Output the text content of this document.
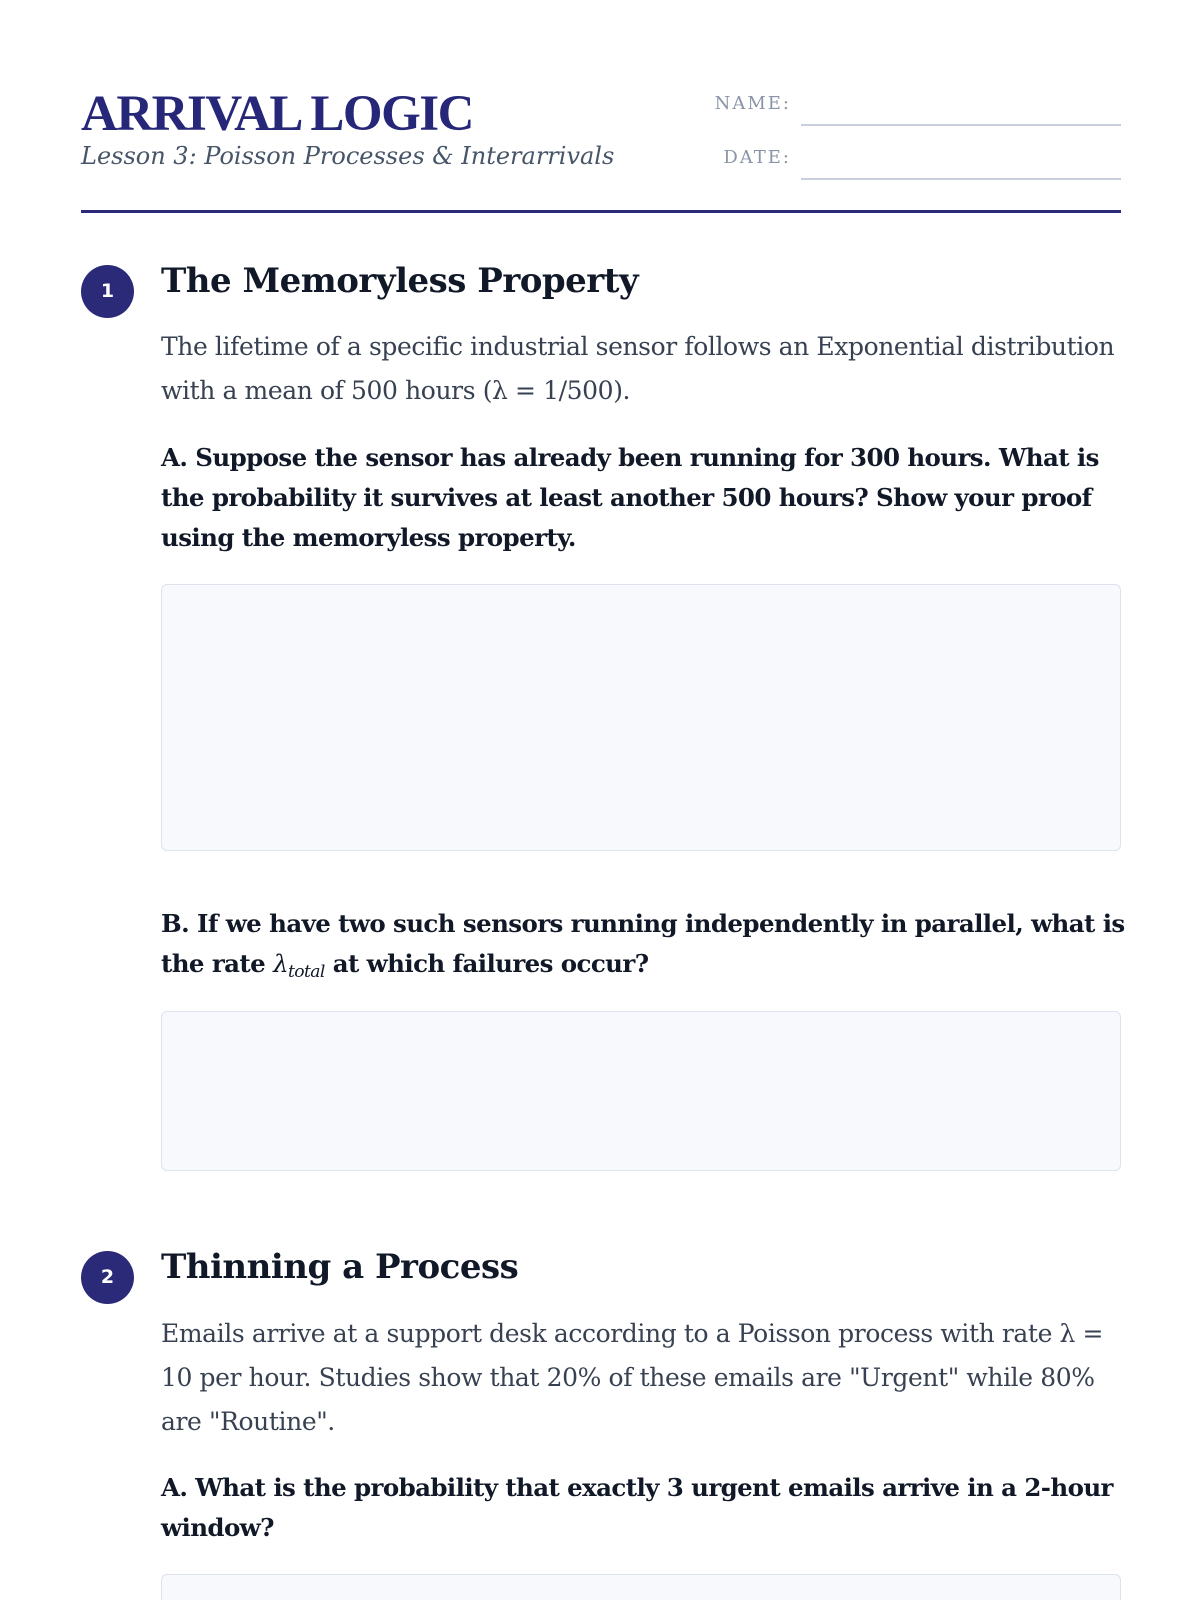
ARRIVAL LOGIC
Lesson 3: Poisson Processes & Interarrivals
NAME:
DATE:
1	The Memoryless Property
The lifetime of a specific industrial sensor follows an Exponential distribution with a mean of 500 hours (λ = 1/500).
A. Suppose the sensor has already been running for 300 hours. What is the probability it survives at least another 500 hours? Show your proof using the memoryless property.
B. If we have two such sensors running independently in parallel, what is the rate $\lambda_{total}$ at which failures occur?
2	Thinning a Process
Emails arrive at a support desk according to a Poisson process with rate λ = 10 per hour. Studies show that 20% of these emails are "Urgent" while 80% are "Routine".
A. What is the probability that exactly 3 urgent emails arrive in a 2-hour window?
